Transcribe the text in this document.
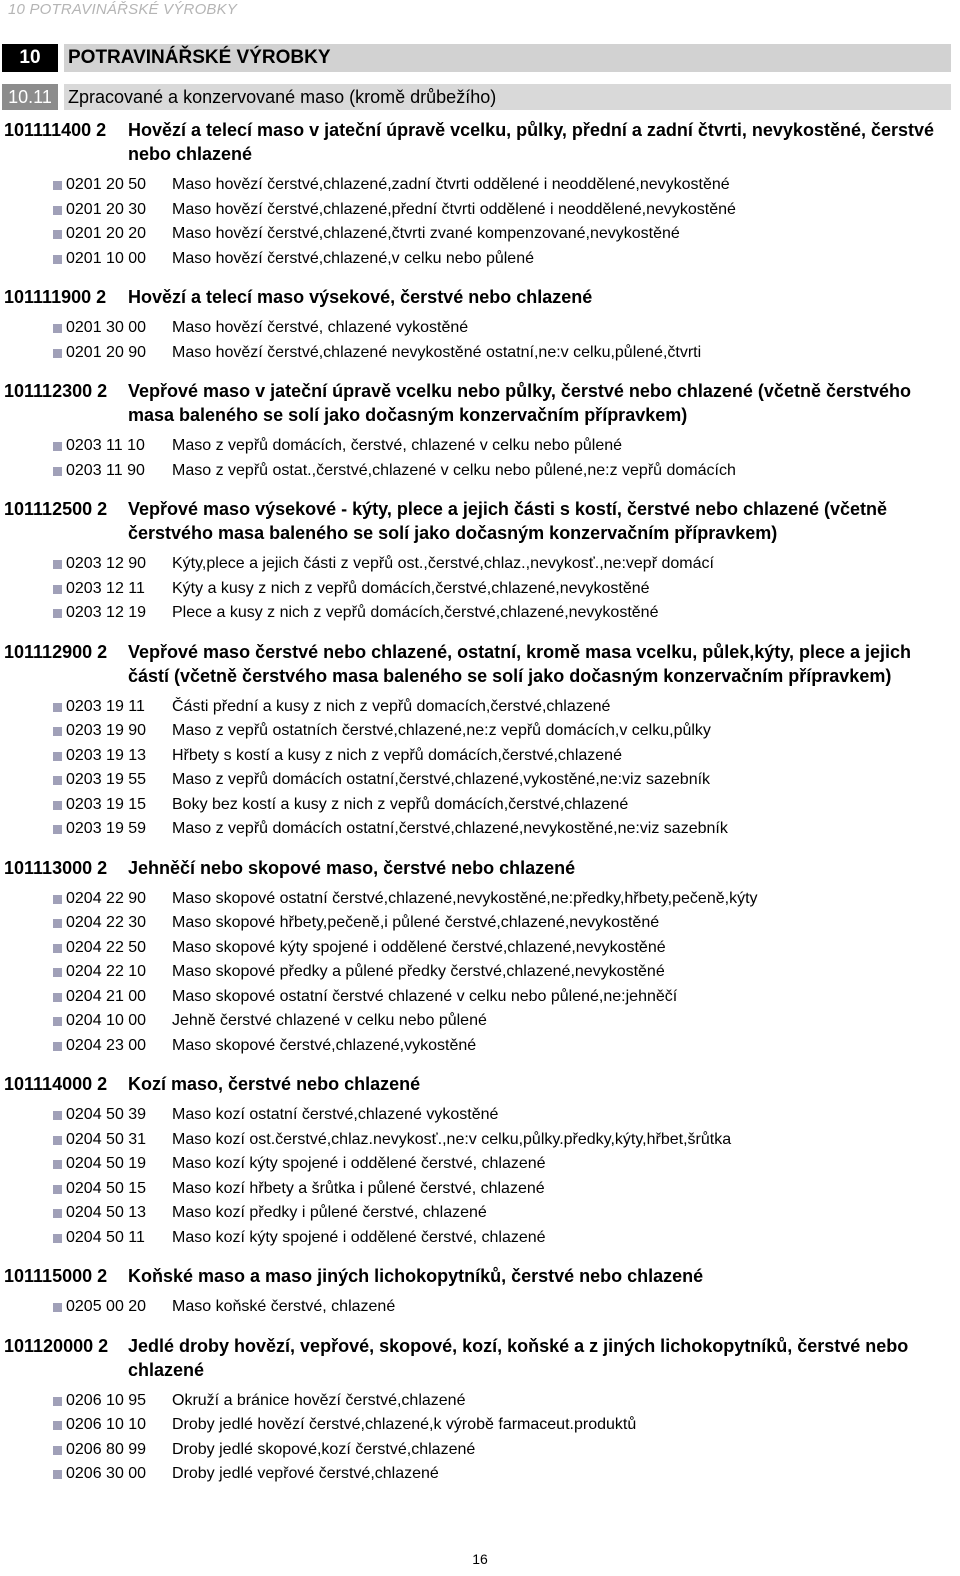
10 POTRAVINÁŘSKÉ VÝROBKY
10	POTRAVINÁŘSKÉ VÝROBKY
10.11 Zpracované a konzervované maso (kromě drůbežího)
101111400 2 Hovězí a telecí maso v jateční úpravě vcelku, půlky, přední a zadní čtvrti, nevykostěné, čerstvé nebo chlazené
0201 20 50 Maso hovězí čerstvé,chlazené,zadní čtvrti oddělené i neoddělené,nevykostěné
0201 20 30 Maso hovězí čerstvé,chlazené,přední čtvrti oddělené i neoddělené,nevykostěné
0201 20 20 Maso hovězí čerstvé,chlazené,čtvrti zvané kompenzované,nevykostěné
0201 10 00 Maso hovězí čerstvé,chlazené,v celku nebo půlené
101111900 2 Hovězí a telecí maso výsekové, čerstvé nebo chlazené
0201 30 00 Maso hovězí čerstvé, chlazené vykostěné
0201 20 90 Maso hovězí čerstvé,chlazené nevykostěné ostatní,ne:v celku,půlené,čtvrti
101112300 2 Vepřové maso v jateční úpravě vcelku nebo půlky, čerstvé nebo chlazené (včetně čerstvého masa baleného se solí jako dočasným konzervačním přípravkem)
0203 11 10 Maso z vepřů domácích, čerstvé, chlazené v celku nebo půlené
0203 11 90 Maso z vepřů ostat.,čerstvé,chlazené v celku nebo půlené,ne:z vepřů domácích
101112500 2 Vepřové maso výsekové - kýty, plece a jejich části s kostí, čerstvé nebo chlazené (včetně čerstvého masa baleného se solí jako dočasným konzervačním přípravkem)
0203 12 90 Kýty,plece a jejich části z vepřů ost.,čerstvé,chlaz.,nevykosť.,ne:vepř domácí
0203 12 11 Kýty a kusy z nich z vepřů domácích,čerstvé,chlazené,nevykostěné
0203 12 19 Plece a kusy z nich z vepřů domácích,čerstvé,chlazené,nevykostěné
101112900 2 Vepřové maso čerstvé nebo chlazené, ostatní, kromě masa vcelku, půlek,kýty, plece a jejich částí (včetně čerstvého masa baleného se solí jako dočasným konzervačním přípravkem)
0203 19 11 Části přední a kusy z nich z vepřů domacích,čerstvé,chlazené
0203 19 90 Maso z vepřů ostatních čerstvé,chlazené,ne:z vepřů domácích,v celku,půlky
0203 19 13 Hřbety s kostí a kusy z nich z vepřů domácích,čerstvé,chlazené
0203 19 55 Maso z vepřů domácích ostatní,čerstvé,chlazené,vykostěné,ne:viz sazebník
0203 19 15 Boky bez kostí a kusy z nich z vepřů domácích,čerstvé,chlazené
0203 19 59 Maso z vepřů domácích ostatní,čerstvé,chlazené,nevykostěné,ne:viz sazebník
101113000 2 Jehněčí nebo skopové maso, čerstvé nebo chlazené
0204 22 90 Maso skopové ostatní čerstvé,chlazené,nevykostěné,ne:předky,hřbety,pečeně,kýty
0204 22 30 Maso skopové hřbety,pečeně,i půlené čerstvé,chlazené,nevykostěné
0204 22 50 Maso skopové kýty spojené i oddělené čerstvé,chlazené,nevykostěné
0204 22 10 Maso skopové předky a půlené předky čerstvé,chlazené,nevykostěné
0204 21 00 Maso skopové ostatní čerstvé chlazené v celku nebo půlené,ne:jehněčí
0204 10 00 Jehně čerstvé chlazené v celku nebo půlené
0204 23 00 Maso skopové čerstvé,chlazené,vykostěné
101114000 2 Kozí maso, čerstvé nebo chlazené
0204 50 39 Maso kozí ostatní čerstvé,chlazené vykostěné
0204 50 31 Maso kozí ost.čerstvé,chlaz.nevykosť.,ne:v celku,půlky.předky,kýty,hřbet,šrůtka
0204 50 19 Maso kozí kýty spojené i oddělené čerstvé, chlazené
0204 50 15 Maso kozí hřbety a šrůtka i půlené čerstvé, chlazené
0204 50 13 Maso kozí předky i půlené čerstvé, chlazené
0204 50 11 Maso kozí kýty spojené i oddělené čerstvé, chlazené
101115000 2 Koňské maso a maso jiných lichokopytníků, čerstvé nebo chlazené
0205 00 20 Maso koňské čerstvé, chlazené
101120000 2 Jedlé droby hovězí, vepřové, skopové, kozí, koňské a z jiných lichokopytníků, čerstvé nebo chlazené
0206 10 95 Okruží a bránice hovězí čerstvé,chlazené
0206 10 10 Droby jedlé hovězí čerstvé,chlazené,k výrobě farmaceut.produktů
0206 80 99 Droby jedlé skopové,kozí čerstvé,chlazené
0206 30 00 Droby jedlé vepřové čerstvé,chlazené
16
